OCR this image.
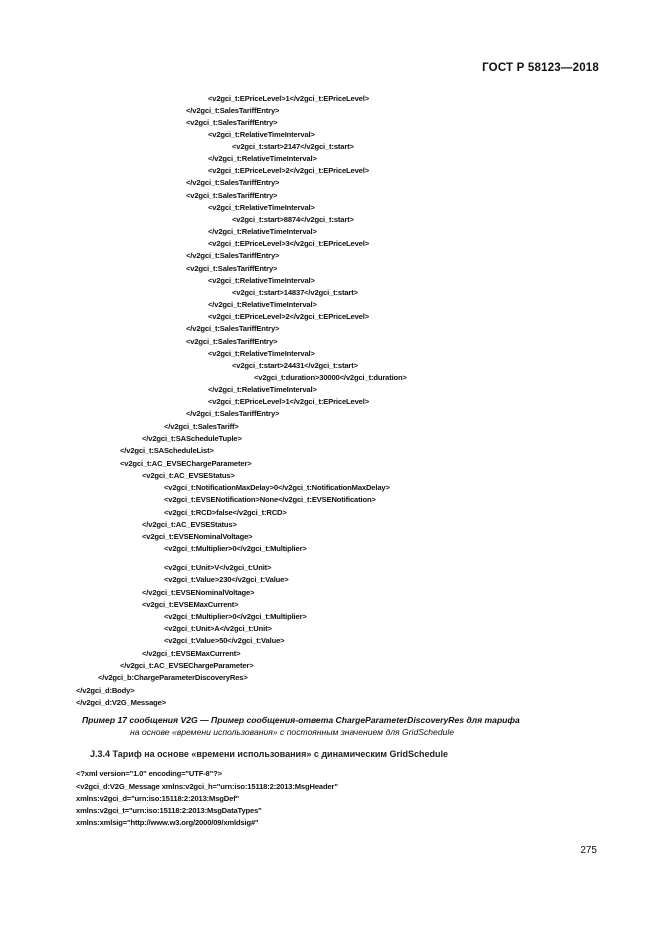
ГОСТ Р 58123—2018
<v2gci_t:EPriceLevel>1</v2gci_t:EPriceLevel>
</v2gci_t:SalesTariffEntry>
<v2gci_t:SalesTariffEntry>
<v2gci_t:RelativeTimeInterval>
<v2gci_t:start>2147</v2gci_t:start>
</v2gci_t:RelativeTimeInterval>
<v2gci_t:EPriceLevel>2</v2gci_t:EPriceLevel>
</v2gci_t:SalesTariffEntry>
<v2gci_t:SalesTariffEntry>
<v2gci_t:RelativeTimeInterval>
<v2gci_t:start>8874</v2gci_t:start>
</v2gci_t:RelativeTimeInterval>
<v2gci_t:EPriceLevel>3</v2gci_t:EPriceLevel>
</v2gci_t:SalesTariffEntry>
<v2gci_t:SalesTariffEntry>
<v2gci_t:RelativeTimeInterval>
<v2gci_t:start>14837</v2gci_t:start>
</v2gci_t:RelativeTimeInterval>
<v2gci_t:EPriceLevel>2</v2gci_t:EPriceLevel>
</v2gci_t:SalesTariffEntry>
<v2gci_t:SalesTariffEntry>
<v2gci_t:RelativeTimeInterval>
<v2gci_t:start>24431</v2gci_t:start>
<v2gci_t:duration>30000</v2gci_t:duration>
</v2gci_t:RelativeTimeInterval>
<v2gci_t:EPriceLevel>1</v2gci_t:EPriceLevel>
</v2gci_t:SalesTariffEntry>
</v2gci_t:SalesTariff>
</v2gci_t:SAScheduleTuple>
</v2gci_t:SAScheduleList>
<v2gci_t:AC_EVSEChargeParameter>
<v2gci_t:AC_EVSEStatus>
<v2gci_t:NotificationMaxDelay>0</v2gci_t:NotificationMaxDelay>
<v2gci_t:EVSENotification>None</v2gci_t:EVSENotification>
<v2gci_t:RCD>false</v2gci_t:RCD>
</v2gci_t:AC_EVSEStatus>
<v2gci_t:EVSENominalVoltage>
<v2gci_t:Multiplier>0</v2gci_t:Multiplier>
<v2gci_t:Unit>V</v2gci_t:Unit>
<v2gci_t:Value>230</v2gci_t:Value>
</v2gci_t:EVSENominalVoltage>
<v2gci_t:EVSEMaxCurrent>
<v2gci_t:Multiplier>0</v2gci_t:Multiplier>
<v2gci_t:Unit>A</v2gci_t:Unit>
<v2gci_t:Value>50</v2gci_t:Value>
</v2gci_t:EVSEMaxCurrent>
</v2gci_t:AC_EVSEChargeParameter>
</v2gci_b:ChargeParameterDiscoveryRes>
</v2gci_d:Body>
</v2gci_d:V2G_Message>
Пример 17 сообщения V2G — Пример сообщения-ответа ChargeParameterDiscoveryRes для тарифа
на основе «времени использования» с постоянным значением для GridSchedule
J.3.4 Тариф на основе «времени использования» с динамическим GridSchedule
<?xml version="1.0" encoding="UTF-8"?>
<v2gci_d:V2G_Message xmlns:v2gci_h="urn:iso:15118:2:2013:MsgHeader"
xmlns:v2gci_d="urn:iso:15118:2:2013:MsgDef"
xmlns:v2gci_t="urn:iso:15118:2:2013:MsgDataTypes"
xmlns:xmlsig="http://www.w3.org/2000/09/xmldsig#"
275
